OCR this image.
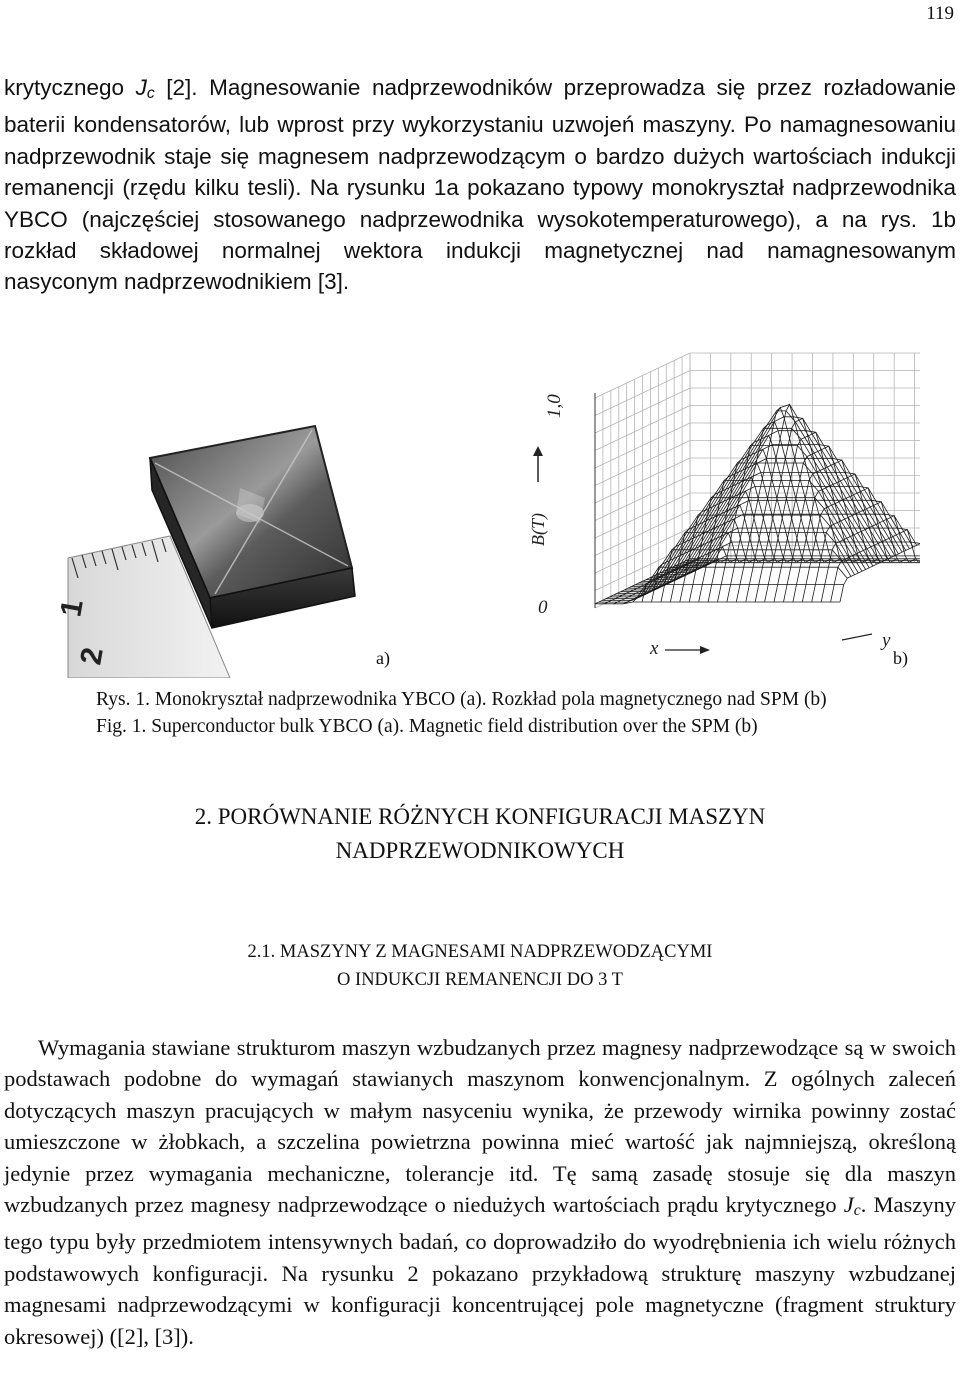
119
krytycznego $J_c$ [2]. Magnesowanie nadprzewodników przeprowadza się przez rozładowanie baterii kondensatorów, lub wprost przy wykorzystaniu uzwojeń maszyny. Po namagnesowaniu nadprzewodnik staje się magnesem nadprzewodzącym o bardzo dużych wartościach indukcji remanencji (rzędu kilku tesli). Na rysunku 1a pokazano typowy monokryształ nadprzewodnika YBCO (najczęściej stosowanego nadprzewodnika wysokotemperaturowego), a na rys. 1b rozkład składowej normalnej wektora indukcji magnetycznej nad namagnesowanym nasyconym nadprzewodnikiem [3].
1
2	a)
1,0
0
B(T)
x	y
b)
Rys. 1. Monokryształ nadprzewodnika YBCO (a). Rozkład pola magnetycznego nad SPM (b)
Fig. 1. Superconductor bulk YBCO (a). Magnetic field distribution over the SPM (b)
2. PORÓWNANIE RÓŻNYCH KONFIGURACJI MASZYN
NADPRZEWODNIKOWYCH
2.1. MASZYNY Z MAGNESAMI NADPRZEWODZĄCYMI
O INDUKCJI REMANENCJI DO 3 T
Wymagania stawiane strukturom maszyn wzbudzanych przez magnesy nadprzewodzące są w swoich podstawach podobne do wymagań stawianych maszynom konwencjonalnym. Z ogólnych zaleceń dotyczących maszyn pracujących w małym nasyceniu wynika, że przewody wirnika powinny zostać umieszczone w żłobkach, a szczelina powietrzna powinna mieć wartość jak najmniejszą, określoną jedynie przez wymagania mechaniczne, tolerancje itd. Tę samą zasadę stosuje się dla maszyn wzbudzanych przez magnesy nadprzewodzące o niedużych wartościach prądu krytycznego $J_c$. Maszyny tego typu były przedmiotem intensywnych badań, co doprowadziło do wyodrębnienia ich wielu różnych podstawowych konfiguracji. Na rysunku 2 pokazano przykładową strukturę maszyny wzbudzanej magnesami nadprzewodzącymi w konfiguracji koncentrującej pole magnetyczne (fragment struktury okresowej) ([2], [3]).
